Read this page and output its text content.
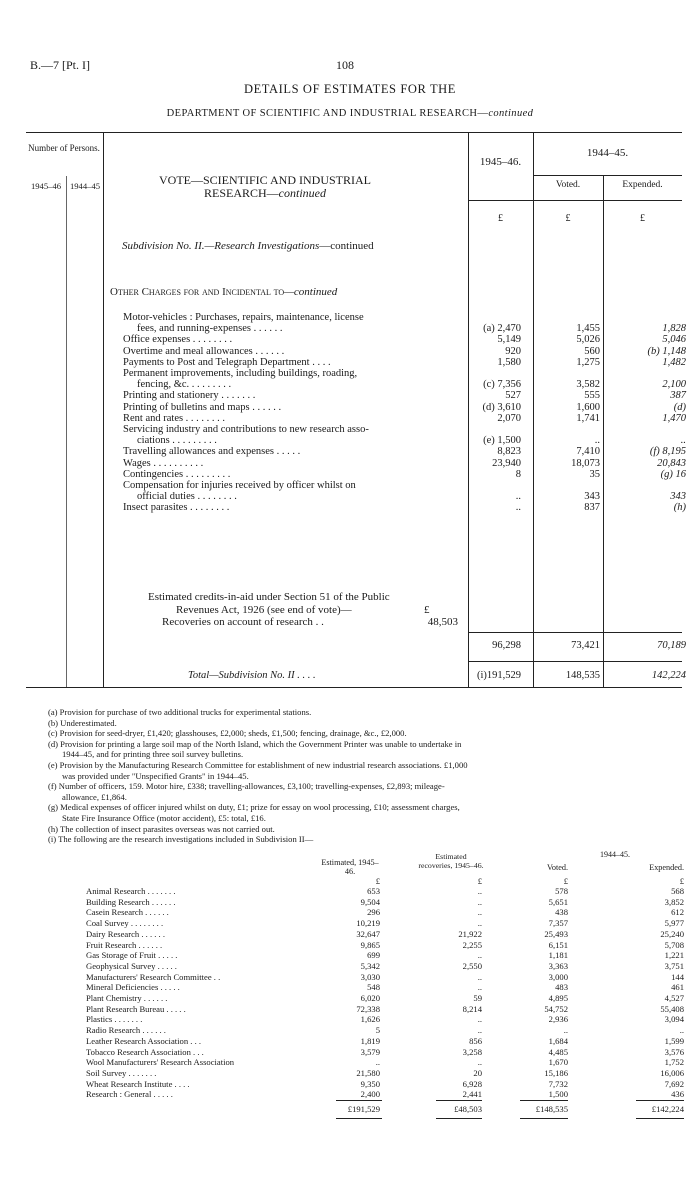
B.—7 [Pt. I]	108
DETAILS OF ESTIMATES FOR THE
DEPARTMENT OF SCIENTIFIC AND INDUSTRIAL RESEARCH—continued
Number of Persons.
1945–46	1944–45	VOTE—SCIENTIFIC AND INDUSTRIAL
RESEARCH—continued
1945–46.
1944–45.
Voted.	Expended.
£	£	£
Subdivision No. II.—Research Investigations—continued
Other Charges for and Incidental to—continued
Motor-vehicles : Purchases, repairs, maintenance, license
fees, and running-expenses . . . . . .	(a) 2,470	1,455	1,828
Office expenses . . . . . . . .	5,149	5,026	5,046
Overtime and meal allowances . . . . . .	920	560	(b) 1,148
Payments to Post and Telegraph Department . . . .	1,580	1,275	1,482
Permanent improvements, including buildings, roading,
fencing, &c. . . . . . . . .	(c) 7,356	3,582	2,100
Printing and stationery . . . . . . .	527	555	387
Printing of bulletins and maps . . . . . .	(d) 3,610	1,600	(d)
Rent and rates . . . . . . . .	2,070	1,741	1,470
Servicing industry and contributions to new research asso-
ciations . . . . . . . . .	(e) 1,500	..	..
Travelling allowances and expenses . . . . .	8,823	7,410	(f) 8,195
Wages . . . . . . . . . .	23,940	18,073	20,843
Contingencies . . . . . . . . .	8	35	(g) 16
Compensation for injuries received by officer whilst on
official duties . . . . . . . .	..	343	343
Insect parasites . . . . . . . .	..	837	(h)
Estimated credits-in-aid under Section 51 of the Public
Revenues Act, 1926 (see end of vote)—	£
Recoveries on account of research . .	48,503
96,298	73,421	70,189
Total—Subdivision No. II . . . .	(i)191,529	148,535	142,224
(a) Provision for purchase of two additional trucks for experimental stations.
(b) Underestimated.
(c) Provision for seed-dryer, £1,420; glasshouses, £2,000; sheds, £1,500; fencing, drainage, &c., £2,000.
(d) Provision for printing a large soil map of the North Island, which the Government Printer was unable to undertake in
1944–45, and for printing three soil survey bulletins.
(e) Provision by the Manufacturing Research Committee for establishment of new industrial research associations. £1,000
was provided under "Unspecified Grants" in 1944–45.
(f) Number of officers, 159. Motor hire, £338; travelling-allowances, £3,100; travelling-expenses, £2,893; mileage-
allowance, £1,864.
(g) Medical expenses of officer injured whilst on duty, £1; prize for essay on wool processing, £10; assessment charges,
State Fire Insurance Office (motor accident), £5: total, £16.
(h) The collection of insect parasites overseas was not carried out.
(i) The following are the research investigations included in Subdivision II—
Estimated, 1945–46.
Estimated recoveries, 1945–46.
1944–45.
Voted.	Expended.
£	£	£	£
Animal Research . . . . . . .	653	..	578	568
Building Research . . . . . .	9,504	..	5,651	3,852
Casein Research . . . . . .	296	..	438	612
Coal Survey . . . . . . . .	10,219	..	7,357	5,977
Dairy Research . . . . . .	32,647	21,922	25,493	25,240
Fruit Research . . . . . .	9,865	2,255	6,151	5,708
Gas Storage of Fruit . . . . .	699	..	1,181	1,221
Geophysical Survey . . . . .	5,342	2,550	3,363	3,751
Manufacturers' Research Committee . .	3,030	..	3,000	144
Mineral Deficiencies . . . . .	548	..	483	461
Plant Chemistry . . . . . .	6,020	59	4,895	4,527
Plant Research Bureau . . . . .	72,338	8,214	54,752	55,408
Plastics . . . . . . .	1,626	..	2,936	3,094
Radio Research . . . . . .	5	..	..	..
Leather Research Association . . .	1,819	856	1,684	1,599
Tobacco Research Association . . .	3,579	3,258	4,485	3,576
Wool Manufacturers' Research Association	..	..	1,670	1,752
Soil Survey . . . . . . .	21,580	20	15,186	16,006
Wheat Research Institute . . . .	9,350	6,928	7,732	7,692
Research : General . . . . .	2,400	2,441	1,500	436
£191,529	£48,503	£148,535	£142,224
